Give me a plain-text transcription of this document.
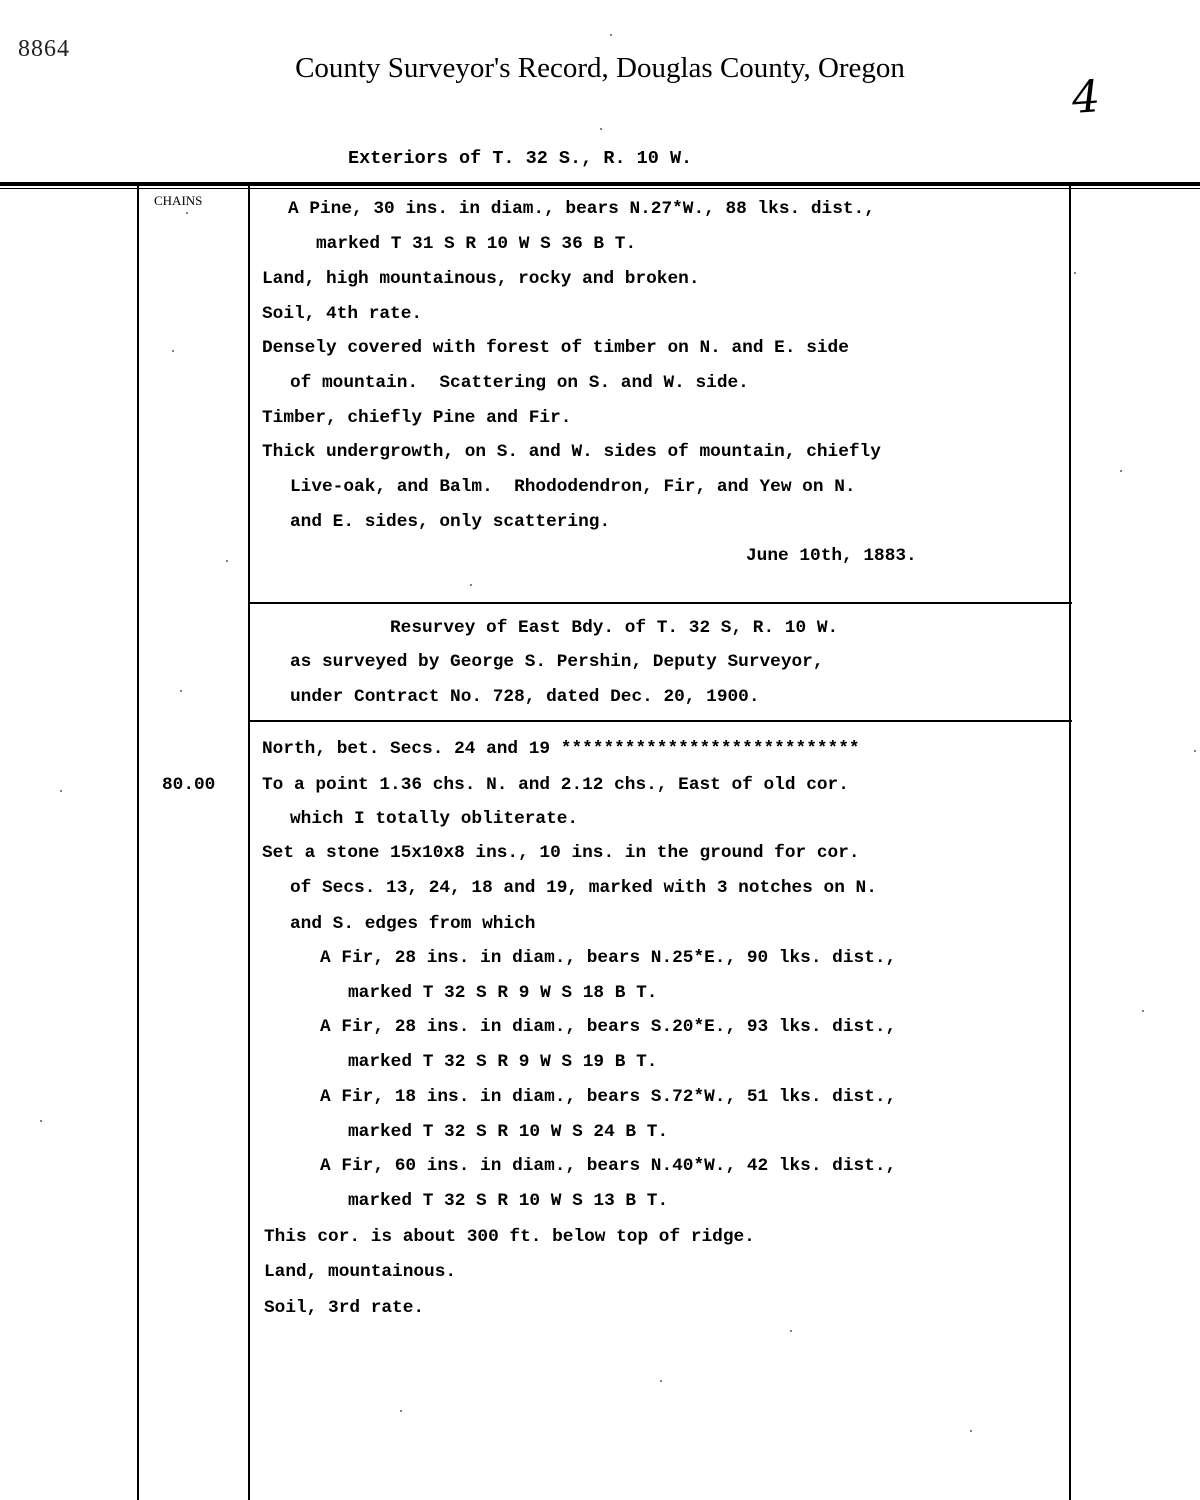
8864
County Surveyor's Record, Douglas County, Oregon
4
Exteriors of T. 32 S., R. 10 W.
CHAINS
80.00
A Pine, 30 ins. in diam., bears N.27*W., 88 lks. dist.,
marked T 31 S R 10 W S 36 B T.
Land, high mountainous, rocky and broken.
Soil, 4th rate.
Densely covered with forest of timber on N. and E. side
of mountain.  Scattering on S. and W. side.
Timber, chiefly Pine and Fir.
Thick undergrowth, on S. and W. sides of mountain, chiefly
Live-oak, and Balm.  Rhododendron, Fir, and Yew on N.
and E. sides, only scattering.
June 10th, 1883.
Resurvey of East Bdy. of T. 32 S, R. 10 W.
as surveyed by George S. Pershin, Deputy Surveyor,
under Contract No. 728, dated Dec. 20, 1900.
North, bet. Secs. 24 and 19 ****************************
To a point 1.36 chs. N. and 2.12 chs., East of old cor.
which I totally obliterate.
Set a stone 15x10x8 ins., 10 ins. in the ground for cor.
of Secs. 13, 24, 18 and 19, marked with 3 notches on N.
and S. edges from which
A Fir, 28 ins. in diam., bears N.25*E., 90 lks. dist.,
marked T 32 S R 9 W S 18 B T.
A Fir, 28 ins. in diam., bears S.20*E., 93 lks. dist.,
marked T 32 S R 9 W S 19 B T.
A Fir, 18 ins. in diam., bears S.72*W., 51 lks. dist.,
marked T 32 S R 10 W S 24 B T.
A Fir, 60 ins. in diam., bears N.40*W., 42 lks. dist.,
marked T 32 S R 10 W S 13 B T.
This cor. is about 300 ft. below top of ridge.
Land, mountainous.
Soil, 3rd rate.
